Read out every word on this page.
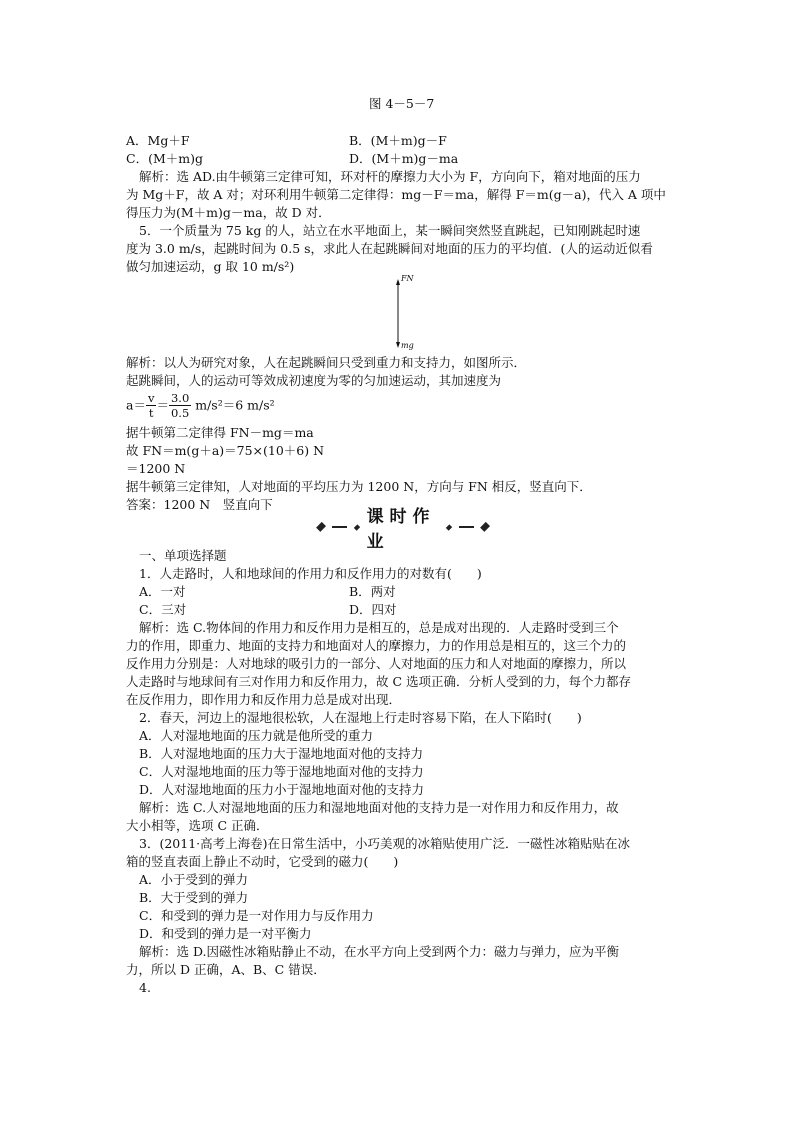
图 4－5－7
A．Mg＋F	B．(M＋m)g－F
C．(M＋m)g	D．(M＋m)g－ma
解析：选 AD.由牛顿第三定律可知，环对杆的摩擦力大小为 F，方向向下，箱对地面的压力
为 Mg＋F，故 A 对；对环利用牛顿第二定律得：mg－F＝ma，解得 F＝m(g－a)，代入 A 项中
得压力为(M＋m)g－ma，故 D 对．
5．一个质量为 75 kg 的人，站立在水平地面上，某一瞬间突然竖直跳起，已知刚跳起时速
度为 3.0 m/s，起跳时间为 0.5 s，求此人在起跳瞬间对地面的压力的平均值．(人的运动近似看
做匀加速运动，g 取 10 m/s²)
FN
mg
解析：以人为研究对象，人在起跳瞬间只受到重力和支持力，如图所示．
起跳瞬间，人的运动可等效成初速度为零的匀加速运动，其加速度为
$a= \frac{v}{t} = \frac{3.0}{0.5} m/s^2=6$ m/s²
据牛顿第二定律得 FN－mg＝ma
故 FN＝m(g＋a)＝75×(10＋6) N
＝1200 N
据牛顿第三定律知，人对地面的平均压力为 1200 N，方向与 FN 相反，竖直向下．
答案：1200 N　竖直向下
课时作业
一、单项选择题
1．人走路时，人和地球间的作用力和反作用力的对数有(　　)
A．一对	B．两对
C．三对	D．四对
解析：选 C.物体间的作用力和反作用力是相互的，总是成对出现的．人走路时受到三个
力的作用，即重力、地面的支持力和地面对人的摩擦力，力的作用总是相互的，这三个力的
反作用力分别是：人对地球的吸引力的一部分、人对地面的压力和人对地面的摩擦力，所以
人走路时与地球间有三对作用力和反作用力，故 C 选项正确．分析人受到的力，每个力都存
在反作用力，即作用力和反作用力总是成对出现．
2．春天，河边上的湿地很松软，人在湿地上行走时容易下陷，在人下陷时(　　)
A．人对湿地地面的压力就是他所受的重力
B．人对湿地地面的压力大于湿地地面对他的支持力
C．人对湿地地面的压力等于湿地地面对他的支持力
D．人对湿地地面的压力小于湿地地面对他的支持力
解析：选 C.人对湿地地面的压力和湿地地面对他的支持力是一对作用力和反作用力，故
大小相等，选项 C 正确．
3．(2011·高考上海卷)在日常生活中，小巧美观的冰箱贴使用广泛．一磁性冰箱贴贴在冰
箱的竖直表面上静止不动时，它受到的磁力(　　)
A．小于受到的弹力
B．大于受到的弹力
C．和受到的弹力是一对作用力与反作用力
D．和受到的弹力是一对平衡力
解析：选 D.因磁性冰箱贴静止不动，在水平方向上受到两个力：磁力与弹力，应为平衡
力，所以 D 正确，A、B、C 错误．
4.
